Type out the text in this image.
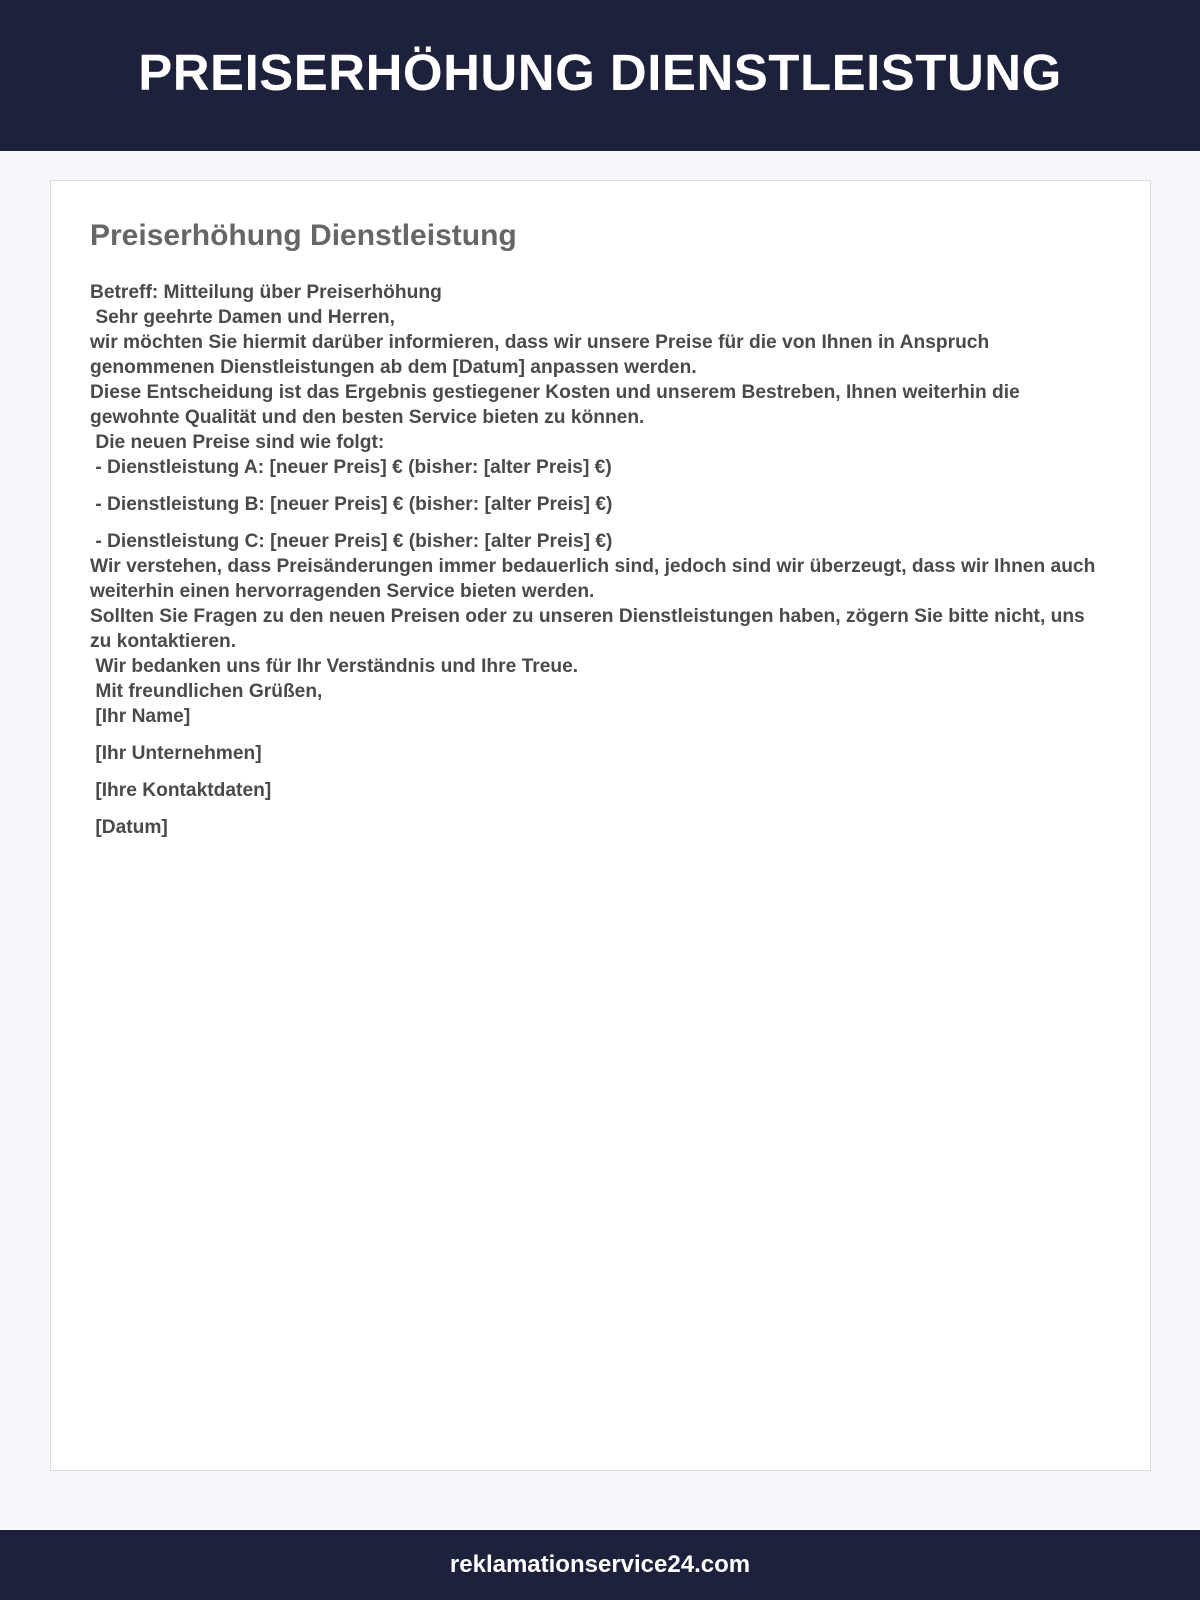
PREISERHÖHUNG DIENSTLEISTUNG
Preiserhöhung Dienstleistung
Betreff: Mitteilung über Preiserhöhung
Sehr geehrte Damen und Herren,
wir möchten Sie hiermit darüber informieren, dass wir unsere Preise für die von Ihnen in Anspruch genommenen Dienstleistungen ab dem [Datum] anpassen werden.
Diese Entscheidung ist das Ergebnis gestiegener Kosten und unserem Bestreben, Ihnen weiterhin die gewohnte Qualität und den besten Service bieten zu können.
Die neuen Preise sind wie folgt:
- Dienstleistung A: [neuer Preis] € (bisher: [alter Preis] €)
- Dienstleistung B: [neuer Preis] € (bisher: [alter Preis] €)
- Dienstleistung C: [neuer Preis] € (bisher: [alter Preis] €)
Wir verstehen, dass Preisänderungen immer bedauerlich sind, jedoch sind wir überzeugt, dass wir Ihnen auch weiterhin einen hervorragenden Service bieten werden.
Sollten Sie Fragen zu den neuen Preisen oder zu unseren Dienstleistungen haben, zögern Sie bitte nicht, uns zu kontaktieren.
Wir bedanken uns für Ihr Verständnis und Ihre Treue.
Mit freundlichen Grüßen,
[Ihr Name]
[Ihr Unternehmen]
[Ihre Kontaktdaten]
[Datum]
reklamationservice24.com
